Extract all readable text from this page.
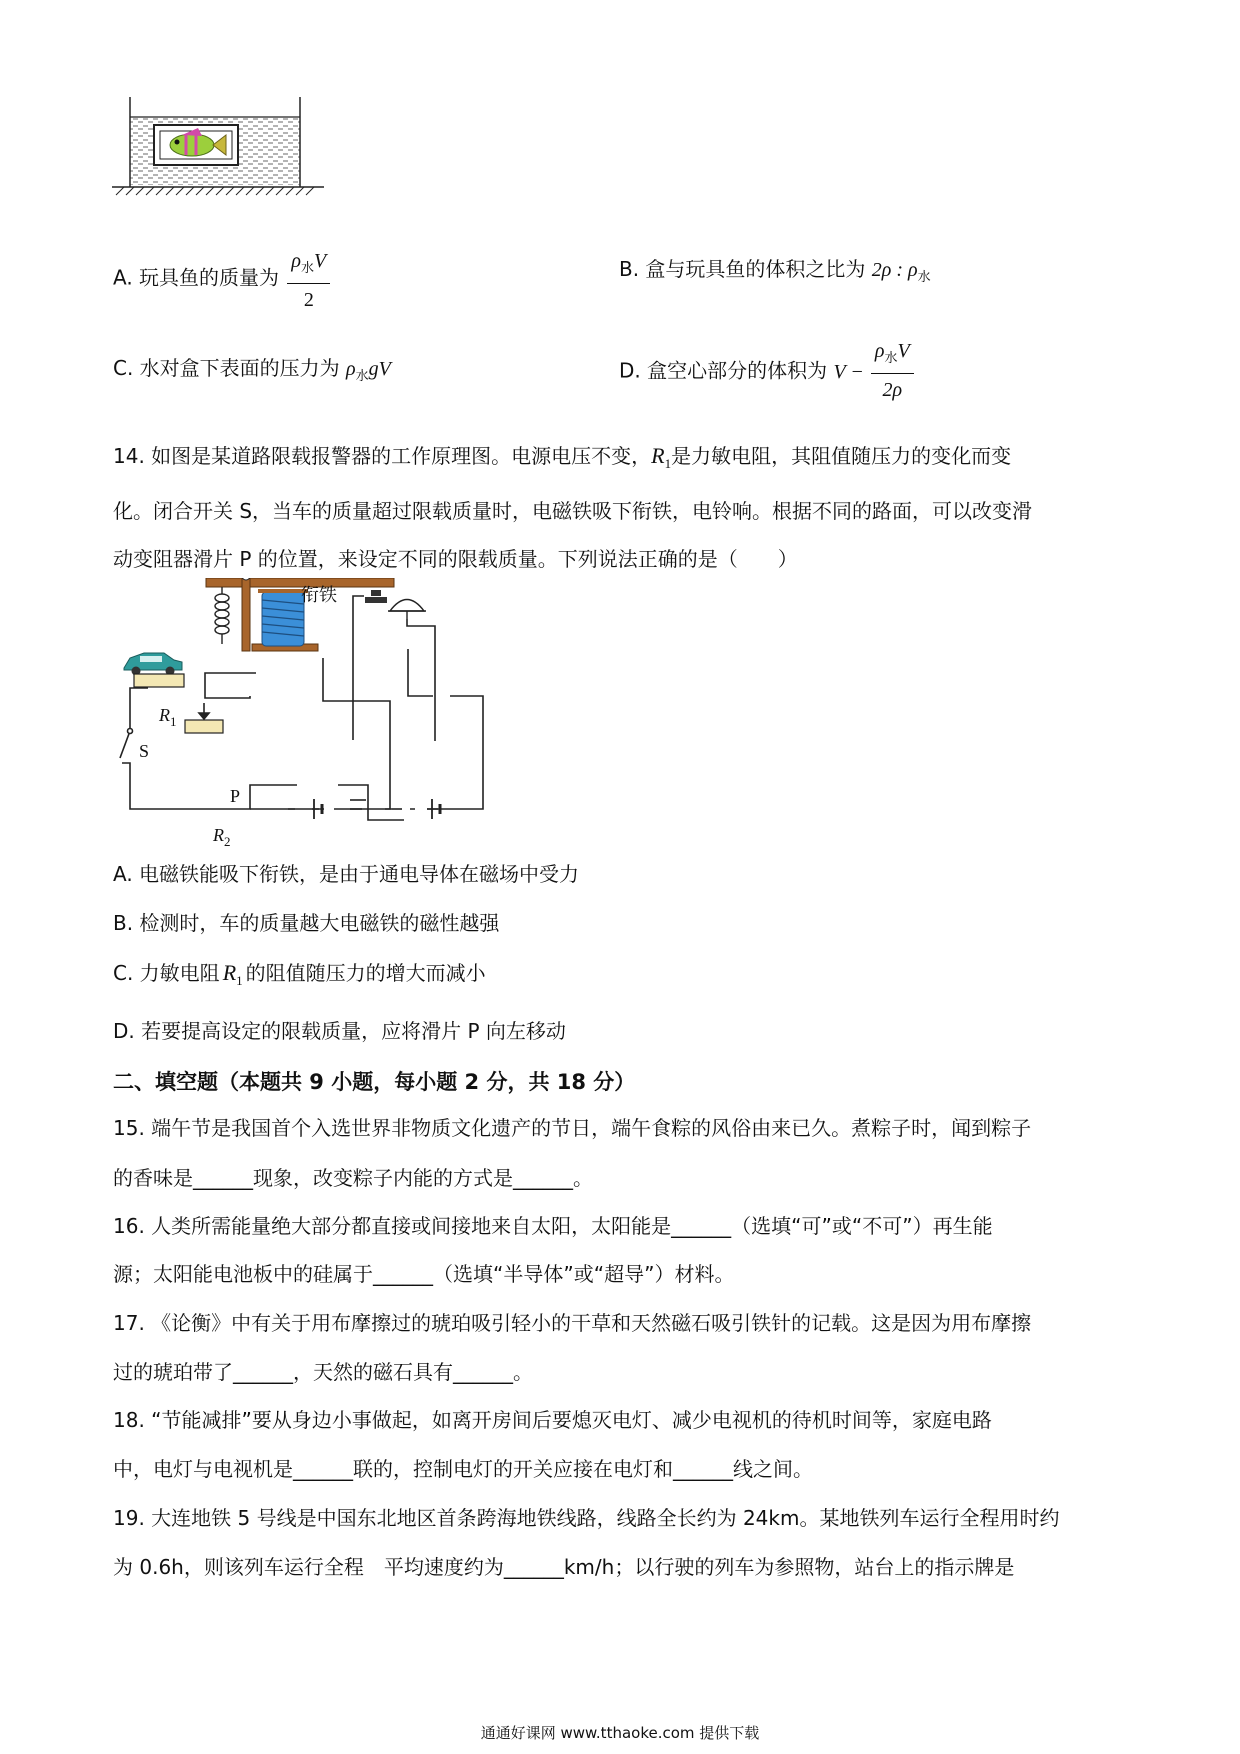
A. 玩具鱼的质量为 $\frac{\rho_水V}{2}$	B. 盒与玩具鱼的体积之比为 2ρ : $\rho_水$
C. 水对盒下表面的压力为 $\rho_水gV$	D. 盒空心部分的体积为 $V - \frac{\rho_水V}{2\rho}$
14. 如图是某道路限载报警器的工作原理图。电源电压不变，$R_1$是力敏电阻，其阻值随压力的变化而变
化。闭合开关 S，当车的质量超过限载质量时，电磁铁吸下衔铁，电铃响。根据不同的路面，可以改变滑
动变阻器滑片 P 的位置，来设定不同的限载质量。下列说法正确的是（　　）
衔铁
$R_1$
S
P
$R_2$
A. 电磁铁能吸下衔铁，是由于通电导体在磁场中受力
B. 检测时，车的质量越大电磁铁的磁性越强
C. 力敏电阻 $R_1$ 的阻值随压力的增大而减小
D. 若要提高设定的限载质量，应将滑片 P 向左移动
二、填空题（本题共 9 小题，每小题 2 分，共 18 分）
15. 端午节是我国首个入选世界非物质文化遗产的节日，端午食粽的风俗由来已久。煮粽子时，闻到粽子
的香味是______现象，改变粽子内能的方式是______。
16. 人类所需能量绝大部分都直接或间接地来自太阳，太阳能是______（选填“可”或“不可”）再生能
源；太阳能电池板中的硅属于______（选填“半导体”或“超导”）材料。
17. 《论衡》中有关于用布摩擦过的琥珀吸引轻小的干草和天然磁石吸引铁针的记载。这是因为用布摩擦
过的琥珀带了______，天然的磁石具有______。
18. “节能减排”要从身边小事做起，如离开房间后要熄灭电灯、减少电视机的待机时间等，家庭电路
中，电灯与电视机是______联的，控制电灯的开关应接在电灯和______线之间。
19. 大连地铁 5 号线是中国东北地区首条跨海地铁线路，线路全长约为 24km。某地铁列车运行全程用时约
为 0.6h，则该列车运行全程　平均速度约为______km/h；以行驶的列车为参照物，站台上的指示牌是
通通好课网 www.tthaoke.com 提供下载
